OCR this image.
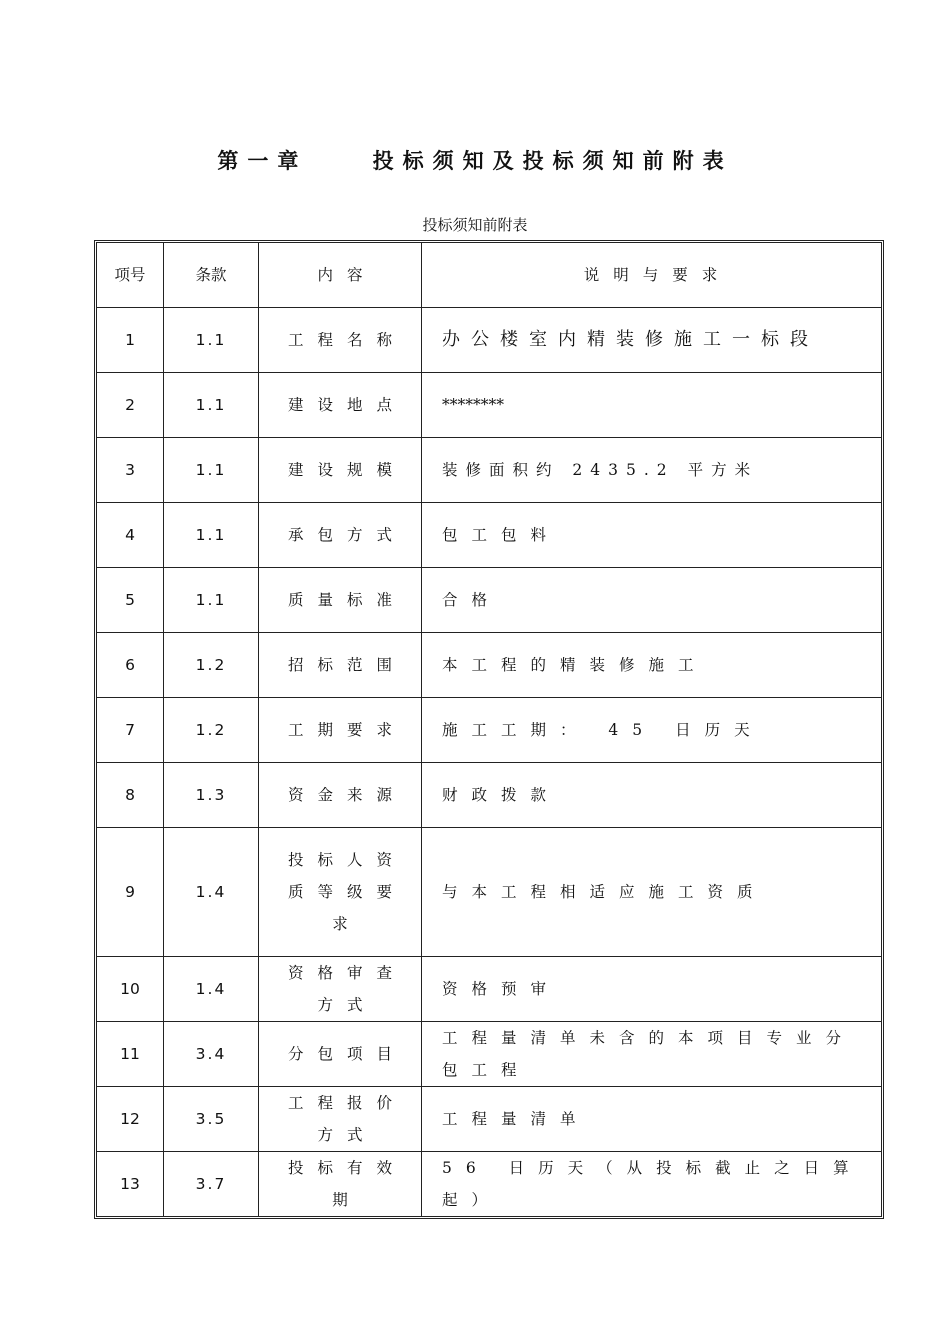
第一章    投标须知及投标须知前附表
投标须知前附表
项号	条款	内容	说明与要求
1	1.1	工程名称	办公楼室内精装修施工一标段
2	1.1	建设地点	********
3	1.1	建设规模	装修面积约 2435.2 平方米
4	1.1	承包方式	包工包料
5	1.1	质量标准	合格
6	1.2	招标范围	本工程的精装修施工
7	1.2	工期要求	施工工期： 45 日历天
8	1.3	资金来源	财政拨款
9	1.4	投标人资质等级要求	与本工程相适应施工资质
10	1.4	资格审查方式	资格预审
11	3.4	分包项目	工程量清单未含的本项目专业分包工程
12	3.5	工程报价方式	工程量清单
13	3.7	投标有效期	56 日历天（从投标截止之日算起）
